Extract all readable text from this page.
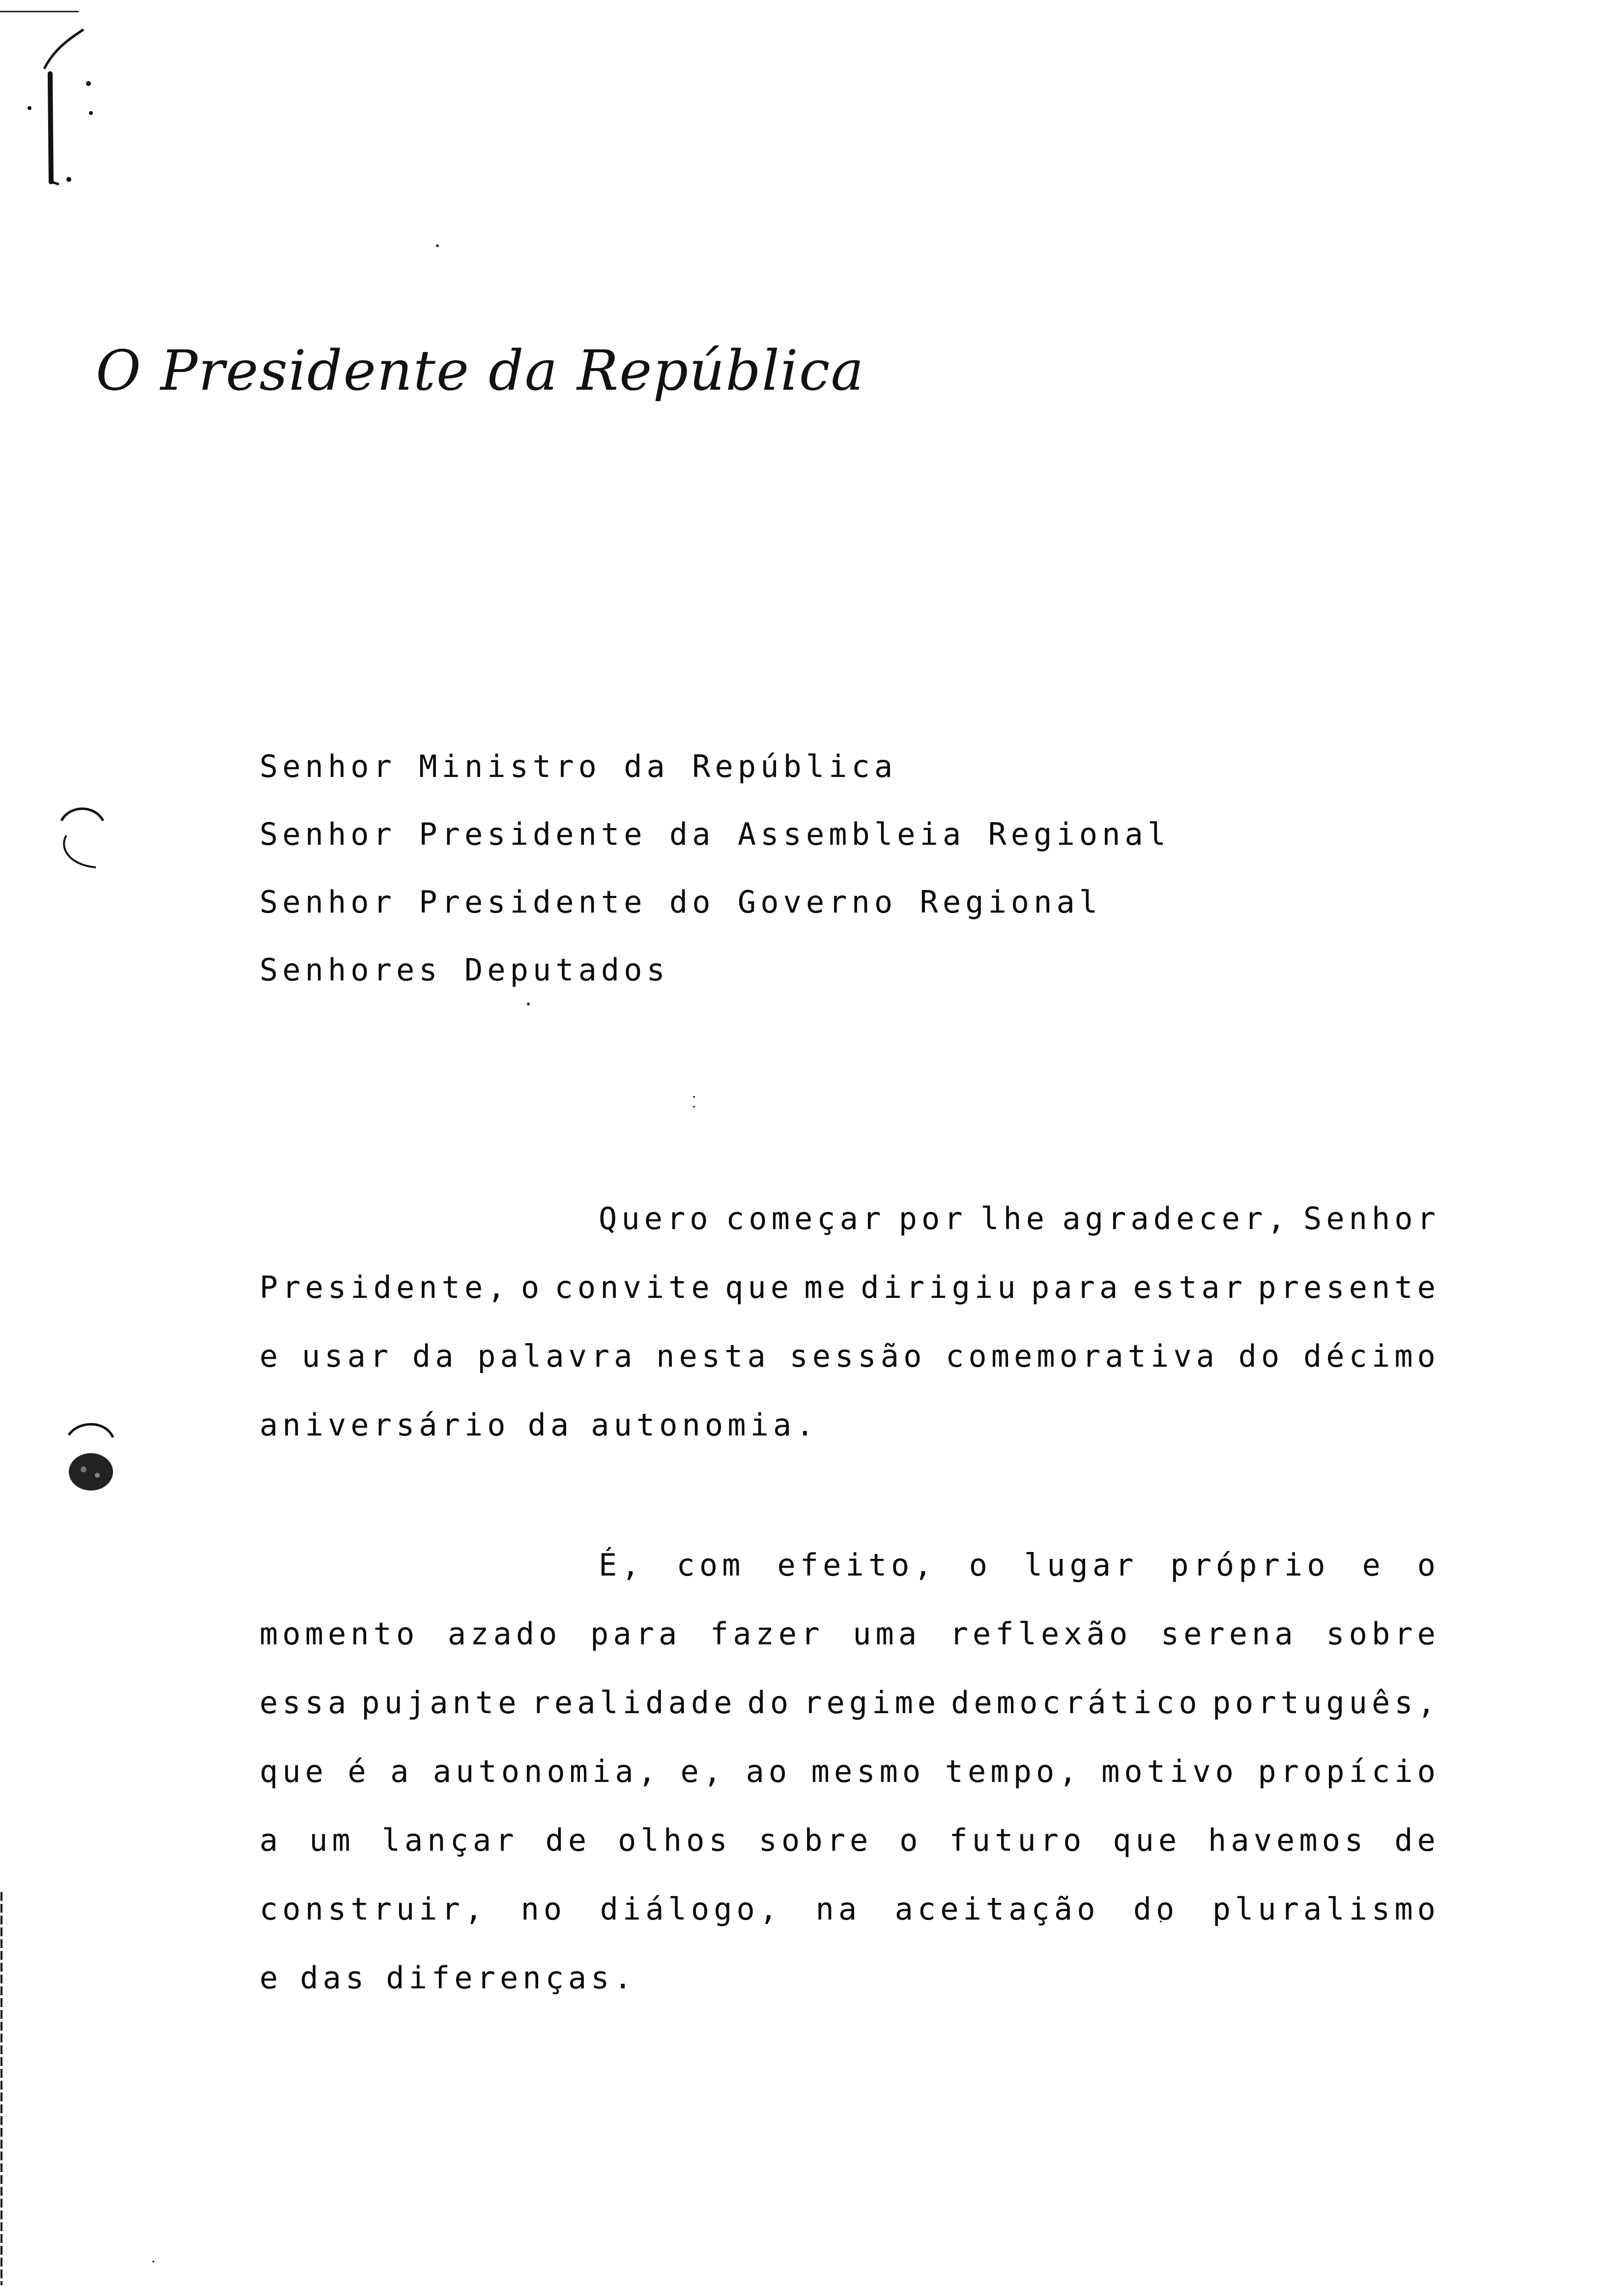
O Presidente da República
Senhor Ministro da República
Senhor Presidente da Assembleia Regional
Senhor Presidente do Governo Regional
Senhores Deputados
Quero começar por lhe agradecer, Senhor
Presidente, o convite que me dirigiu para estar presente
e usar da palavra nesta sessão comemorativa do décimo
aniversário da autonomia.
É, com efeito, o lugar próprio e o
momento azado para fazer uma reflexão serena sobre
essa pujante realidade do regime democrático português,
que é a autonomia, e, ao mesmo tempo, motivo propício
a um lançar de olhos sobre o futuro que havemos de
construir, no diálogo, na aceitação do pluralismo
e das diferenças.
